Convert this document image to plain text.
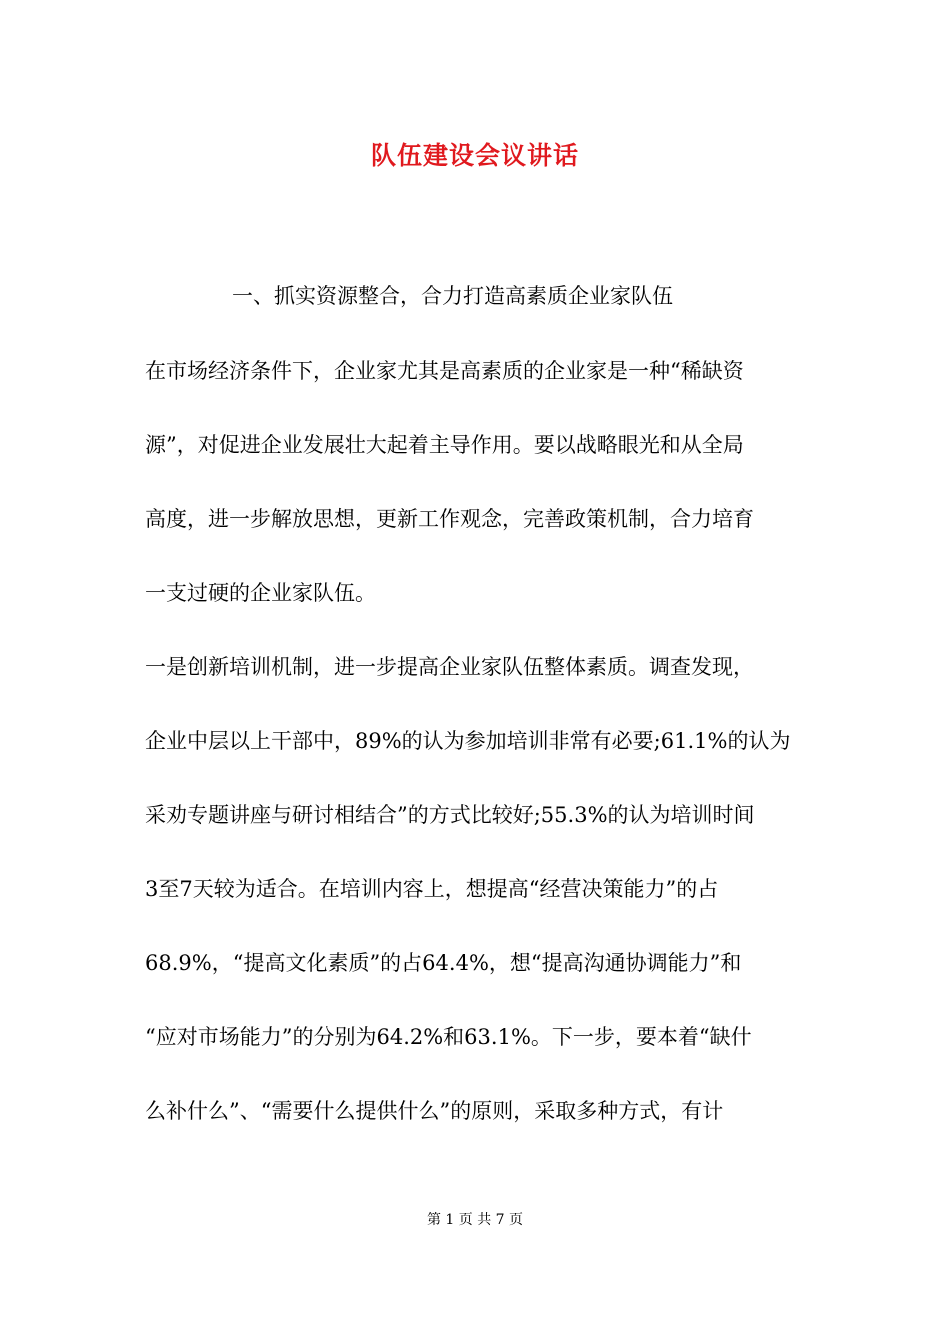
队伍建设会议讲话
一、抓实资源整合，合力打造高素质企业家队伍
在市场经济条件下，企业家尤其是高素质的企业家是一种“稀缺资
源”，对促进企业发展壮大起着主导作用。要以战略眼光和从全局
高度，进一步解放思想，更新工作观念，完善政策机制，合力培育
一支过硬的企业家队伍。
一是创新培训机制，进一步提高企业家队伍整体素质。调查发现，
企业中层以上干部中，89%的认为参加培训非常有必要;61.1%的认为
采劝专题讲座与研讨相结合”的方式比较好;55.3%的认为培训时间
3至7天较为适合。在培训内容上，想提高“经营决策能力”的占
68.9%，“提高文化素质”的占64.4%，想“提高沟通协调能力”和
“应对市场能力”的分别为64.2%和63.1%。下一步，要本着“缺什
么补什么”、“需要什么提供什么”的原则，采取多种方式，有计
第 1 页 共 7 页
